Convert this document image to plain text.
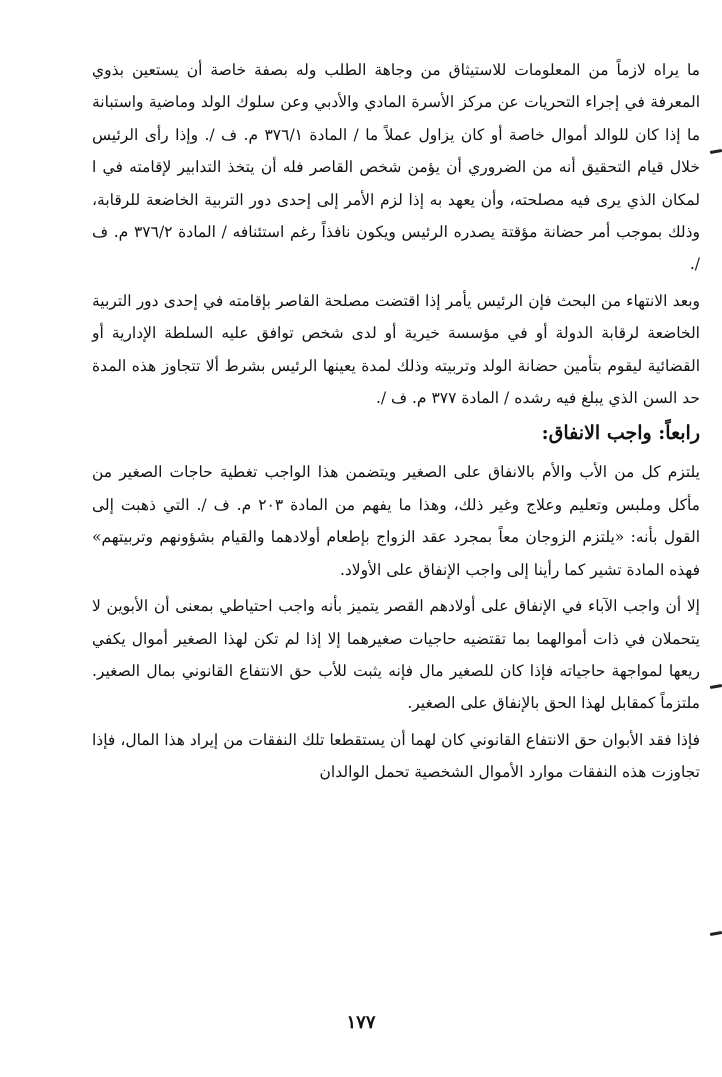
ما يراه لازماً من المعلومات للاستيثاق من وجاهة الطلب وله بصفة خاصة أن يستعين بذوي المعرفة في إجراء التحريات عن مركز الأسرة المادي والأدبي وعن سلوك الولد وماضية واستبانة ما إذا كان للوالد أموال خاصة أو كان يزاول عملاً ما / المادة ٣٧٦/١ م. ف /. وإذا رأى الرئيس خلال قيام التحقيق أنه من الضروري أن يؤمن شخص القاصر فله أن يتخذ التدابير لإقامته في ا لمكان الذي يرى فيه مصلحته، وأن يعهد به إذا لزم الأمر إلى إحدى دور التربية الخاضعة للرقابة، وذلك بموجب أمر حضانة مؤقتة يصدره الرئيس ويكون نافذاً رغم استئنافه / المادة ٣٧٦/٢ م. ف /.

وبعد الانتهاء من البحث فإن الرئيس يأمر إذا اقتضت مصلحة القاصر بإقامته في إحدى دور التربية الخاضعة لرقابة الدولة أو في مؤسسة خيرية أو لدى شخص توافق عليه السلطة الإدارية أو القضائية ليقوم بتأمين حضانة الولد وتربيته وذلك لمدة يعينها الرئيس بشرط ألا تتجاوز هذه المدة حد السن الذي يبلغ فيه رشده / المادة ٣٧٧ م. ف /.

رابعاً: واجب الانفاق:

يلتزم كل من الأب والأم بالانفاق على الصغير ويتضمن هذا الواجب تغطية حاجات الصغير من مأكل وملبس وتعليم وعلاج وغير ذلك، وهذا ما يفهم من المادة ٢٠٣ م. ف /. التي ذهبت إلى القول بأنه: «يلتزم الزوجان معاً بمجرد عقد الزواج بإطعام أولادهما والقيام بشؤونهم وتربيتهم» فهذه المادة تشير كما رأينا إلى واجب الإنفاق على الأولاد.

إلا أن واجب الآباء في الإنفاق على أولادهم القصر يتميز بأنه واجب احتياطي بمعنى أن الأبوين لا يتحملان في ذات أموالهما بما تقتضيه حاجيات صغيرهما إلا إذا لم تكن لهذا الصغير أموال يكفي ريعها لمواجهة حاجياته فإذا كان للصغير مال فإنه يثبت للأب حق الانتفاع القانوني بمال الصغير. ملتزماً كمقابل لهذا الحق بالإنفاق على الصغير.

فإذا فقد الأبوان حق الانتفاع القانوني كان لهما أن يستقطعا تلك النفقات من إيراد هذا المال، فإذا تجاوزت هذه النفقات موارد الأموال الشخصية تحمل الوالدان

١٧٧
